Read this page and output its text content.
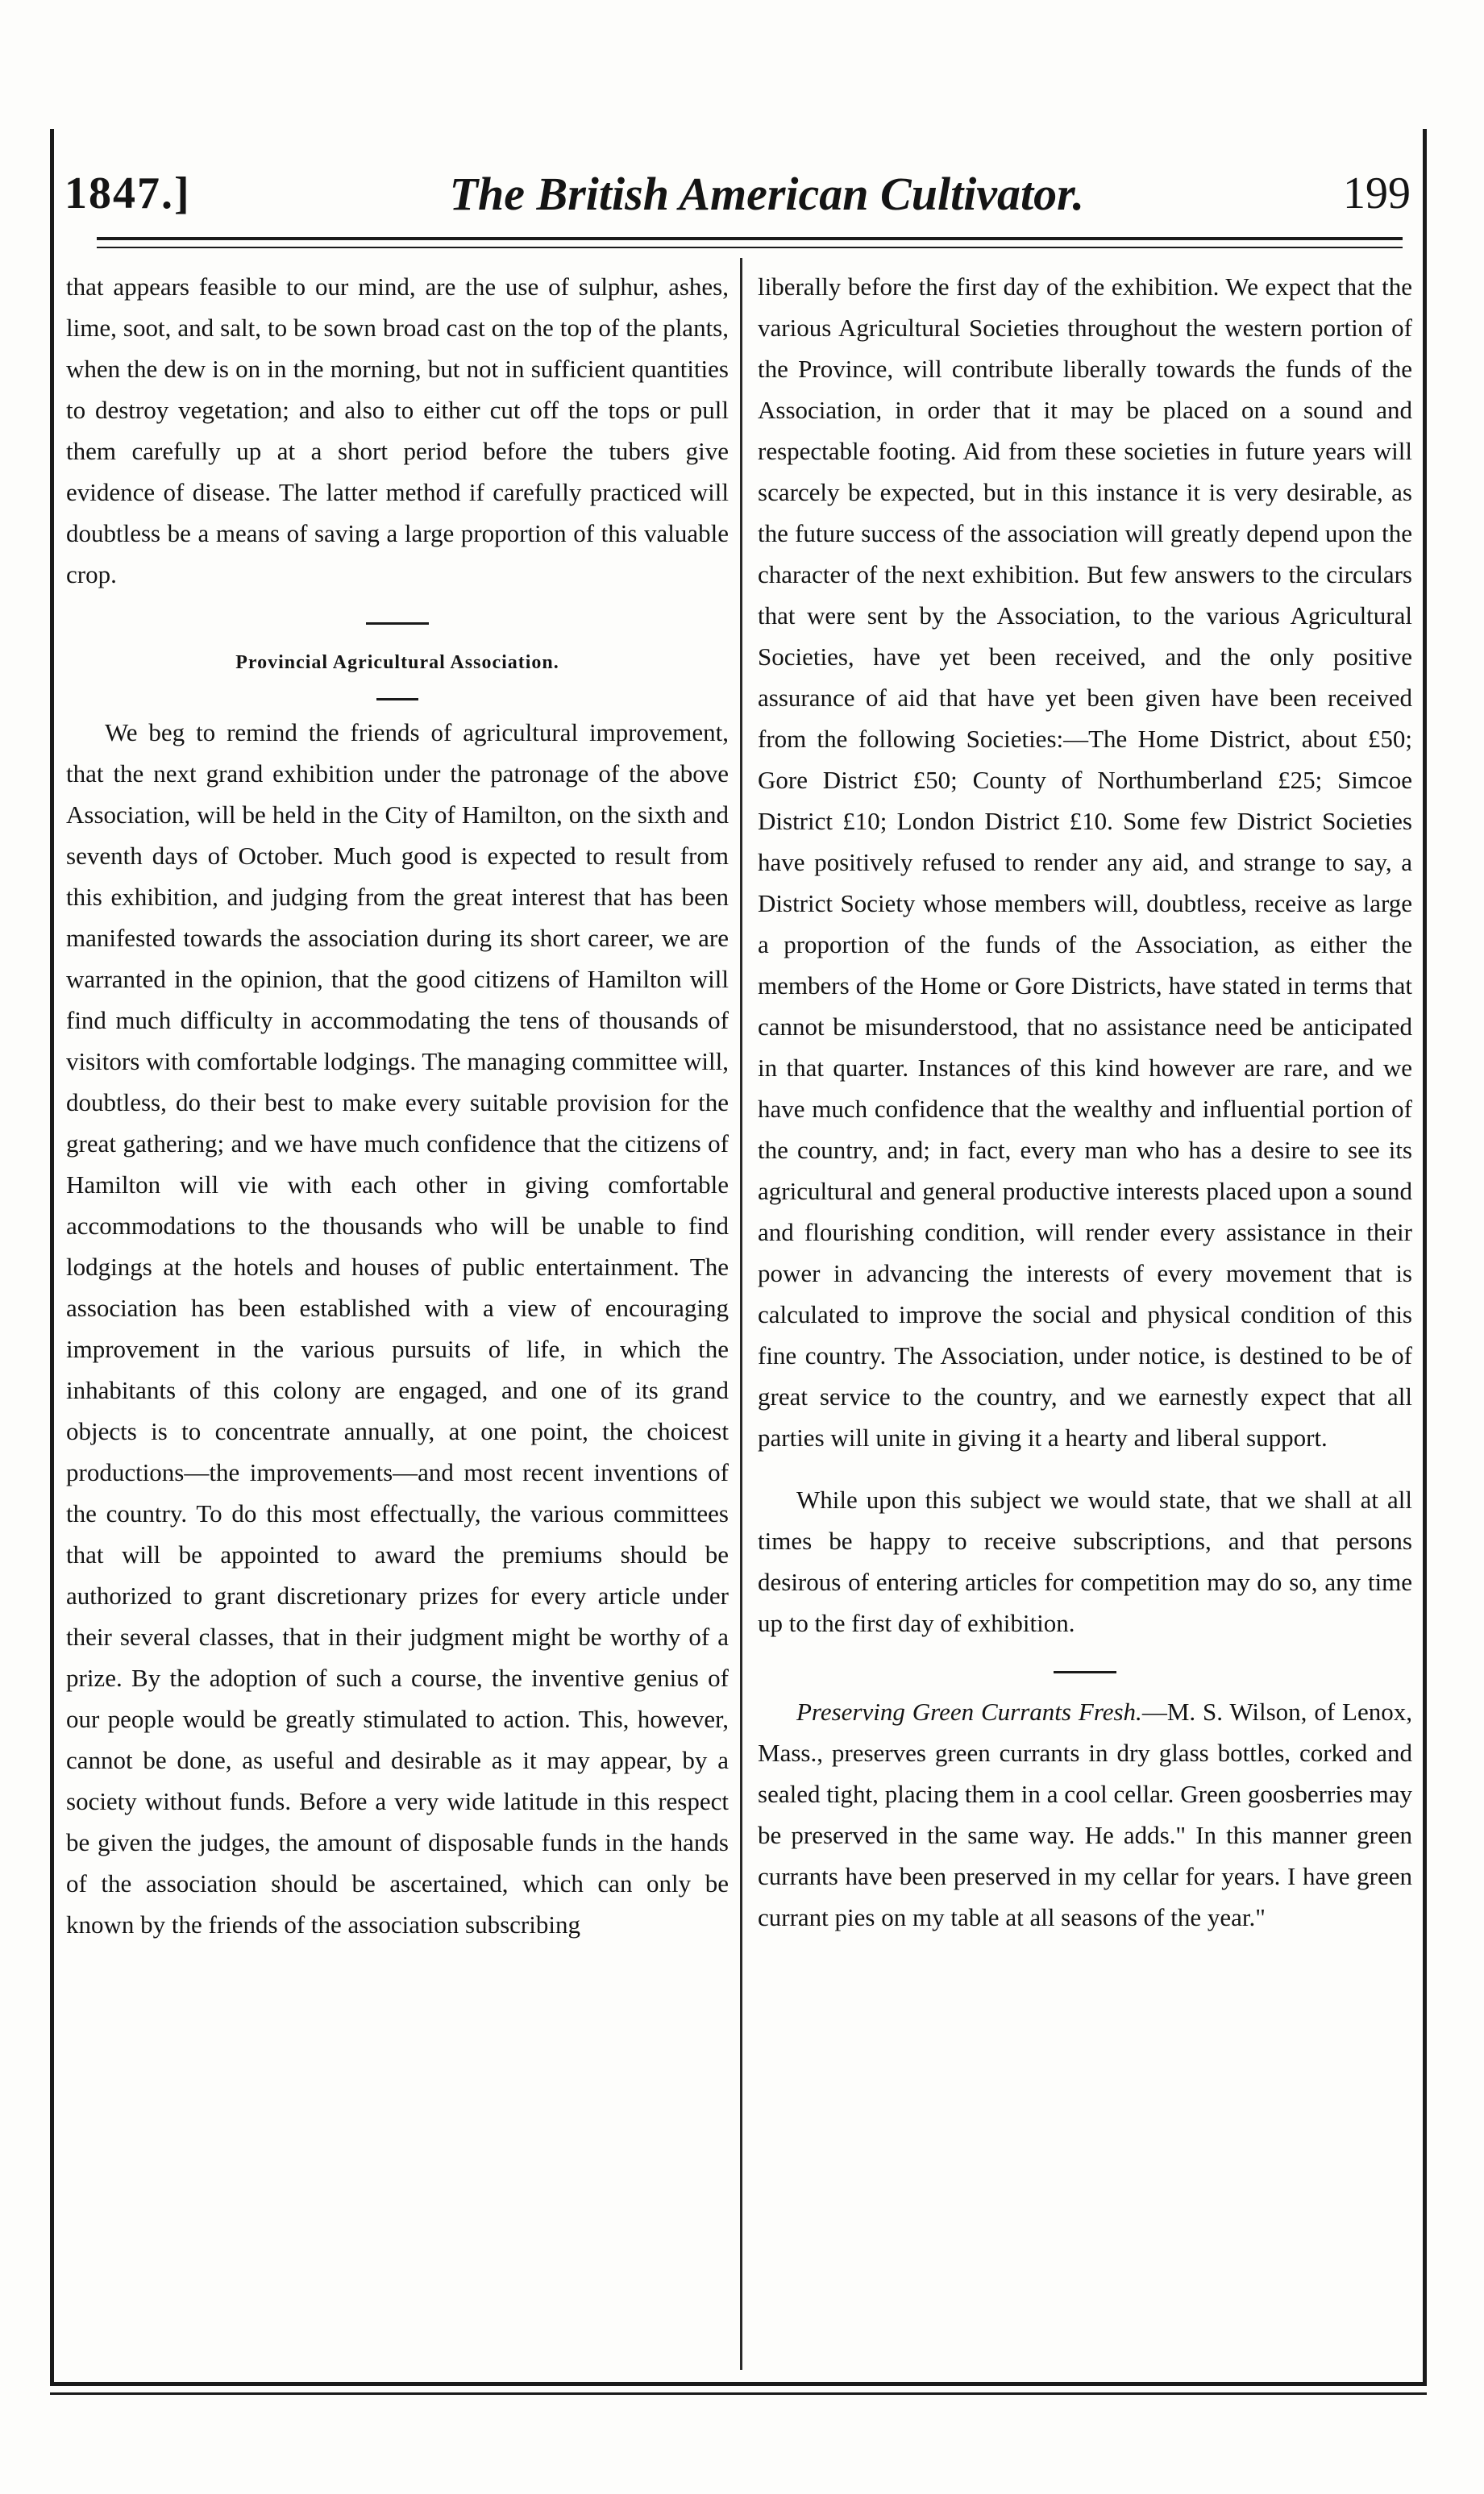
1847.]	The British American Cultivator.	199

that appears feasible to our mind, are the use of sulphur, ashes, lime, soot, and salt, to be sown broad cast on the top of the plants, when the dew is on in the morning, but not in sufficient quantities to destroy vegetation; and also to either cut off the tops or pull them carefully up at a short period before the tubers give evidence of disease. The latter method if carefully practiced will doubtless be a means of saving a large proportion of this valuable crop.

Provincial Agricultural Association.

We beg to remind the friends of agricultural improvement, that the next grand exhibition under the patronage of the above Association, will be held in the City of Hamilton, on the sixth and seventh days of October. Much good is expected to result from this exhibition, and judging from the great interest that has been manifested towards the association during its short career, we are warranted in the opinion, that the good citizens of Hamilton will find much difficulty in accommodating the tens of thousands of visitors with comfortable lodgings. The managing committee will, doubtless, do their best to make every suitable provision for the great gathering; and we have much confidence that the citizens of Hamilton will vie with each other in giving comfortable accommodations to the thousands who will be unable to find lodgings at the hotels and houses of public entertainment. The association has been established with a view of encouraging improvement in the various pursuits of life, in which the inhabitants of this colony are engaged, and one of its grand objects is to concentrate annually, at one point, the choicest productions—the improvements—and most recent inventions of the country. To do this most effectually, the various committees that will be appointed to award the premiums should be authorized to grant discretionary prizes for every article under their several classes, that in their judgment might be worthy of a prize. By the adoption of such a course, the inventive genius of our people would be greatly stimulated to action. This, however, cannot be done, as useful and desirable as it may appear, by a society without funds. Before a very wide latitude in this respect be given the judges, the amount of disposable funds in the hands of the association should be ascertained, which can only be known by the friends of the association subscribing

liberally before the first day of the exhibition. We expect that the various Agricultural Societies throughout the western portion of the Province, will contribute liberally towards the funds of the Association, in order that it may be placed on a sound and respectable footing. Aid from these societies in future years will scarcely be expected, but in this instance it is very desirable, as the future success of the association will greatly depend upon the character of the next exhibition. But few answers to the circulars that were sent by the Association, to the various Agricultural Societies, have yet been received, and the only positive assurance of aid that have yet been given have been received from the following Societies:—The Home District, about £50; Gore District £50; County of Northumberland £25; Simcoe District £10; London District £10. Some few District Societies have positively refused to render any aid, and strange to say, a District Society whose members will, doubtless, receive as large a proportion of the funds of the Association, as either the members of the Home or Gore Districts, have stated in terms that cannot be misunderstood, that no assistance need be anticipated in that quarter. Instances of this kind however are rare, and we have much confidence that the wealthy and influential portion of the country, and; in fact, every man who has a desire to see its agricultural and general productive interests placed upon a sound and flourishing condition, will render every assistance in their power in advancing the interests of every movement that is calculated to improve the social and physical condition of this fine country. The Association, under notice, is destined to be of great service to the country, and we earnestly expect that all parties will unite in giving it a hearty and liberal support.

While upon this subject we would state, that we shall at all times be happy to receive subscriptions, and that persons desirous of entering articles for competition may do so, any time up to the first day of exhibition.

Preserving Green Currants Fresh.—M. S. Wilson, of Lenox, Mass., preserves green currants in dry glass bottles, corked and sealed tight, placing them in a cool cellar. Green goosberries may be preserved in the same way. He adds." In this manner green currants have been preserved in my cellar for years. I have green currant pies on my table at all seasons of the year."
